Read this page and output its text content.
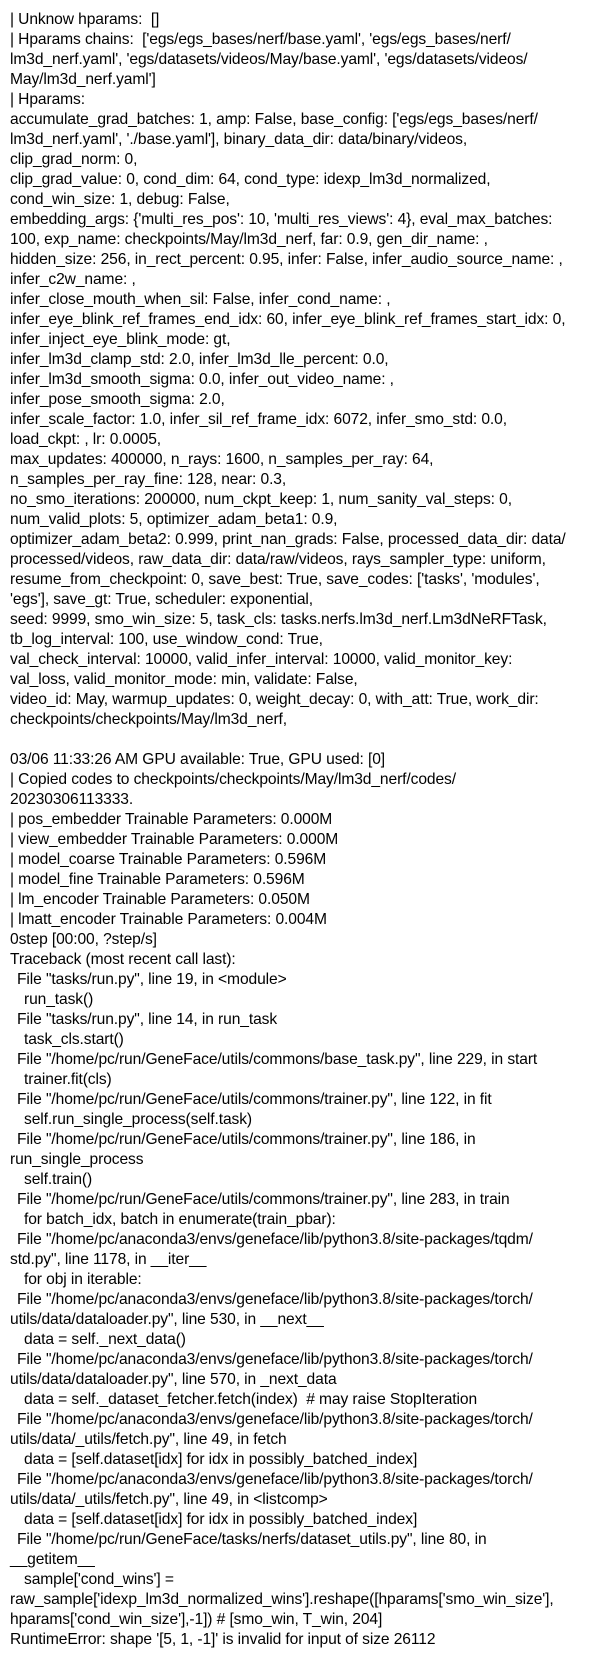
| Unknow hparams:  []
| Hparams chains:  ['egs/egs_bases/nerf/base.yaml', 'egs/egs_bases/nerf/
lm3d_nerf.yaml', 'egs/datasets/videos/May/base.yaml', 'egs/datasets/videos/
May/lm3d_nerf.yaml']
| Hparams:
accumulate_grad_batches: 1, amp: False, base_config: ['egs/egs_bases/nerf/
lm3d_nerf.yaml', './base.yaml'], binary_data_dir: data/binary/videos,
clip_grad_norm: 0,
clip_grad_value: 0, cond_dim: 64, cond_type: idexp_lm3d_normalized,
cond_win_size: 1, debug: False,
embedding_args: {'multi_res_pos': 10, 'multi_res_views': 4}, eval_max_batches:
100, exp_name: checkpoints/May/lm3d_nerf, far: 0.9, gen_dir_name: ,
hidden_size: 256, in_rect_percent: 0.95, infer: False, infer_audio_source_name: ,
infer_c2w_name: ,
infer_close_mouth_when_sil: False, infer_cond_name: ,
infer_eye_blink_ref_frames_end_idx: 60, infer_eye_blink_ref_frames_start_idx: 0,
infer_inject_eye_blink_mode: gt,
infer_lm3d_clamp_std: 2.0, infer_lm3d_lle_percent: 0.0,
infer_lm3d_smooth_sigma: 0.0, infer_out_video_name: ,
infer_pose_smooth_sigma: 2.0,
infer_scale_factor: 1.0, infer_sil_ref_frame_idx: 6072, infer_smo_std: 0.0,
load_ckpt: , lr: 0.0005,
max_updates: 400000, n_rays: 1600, n_samples_per_ray: 64,
n_samples_per_ray_fine: 128, near: 0.3,
no_smo_iterations: 200000, num_ckpt_keep: 1, num_sanity_val_steps: 0,
num_valid_plots: 5, optimizer_adam_beta1: 0.9,
optimizer_adam_beta2: 0.999, print_nan_grads: False, processed_data_dir: data/
processed/videos, raw_data_dir: data/raw/videos, rays_sampler_type: uniform,
resume_from_checkpoint: 0, save_best: True, save_codes: ['tasks', 'modules',
'egs'], save_gt: True, scheduler: exponential,
seed: 9999, smo_win_size: 5, task_cls: tasks.nerfs.lm3d_nerf.Lm3dNeRFTask,
tb_log_interval: 100, use_window_cond: True,
val_check_interval: 10000, valid_infer_interval: 10000, valid_monitor_key:
val_loss, valid_monitor_mode: min, validate: False,
video_id: May, warmup_updates: 0, weight_decay: 0, with_att: True, work_dir:
checkpoints/checkpoints/May/lm3d_nerf,
03/06 11:33:26 AM GPU available: True, GPU used: [0]
| Copied codes to checkpoints/checkpoints/May/lm3d_nerf/codes/
20230306113333.
| pos_embedder Trainable Parameters: 0.000M
| view_embedder Trainable Parameters: 0.000M
| model_coarse Trainable Parameters: 0.596M
| model_fine Trainable Parameters: 0.596M
| lm_encoder Trainable Parameters: 0.050M
| lmatt_encoder Trainable Parameters: 0.004M
0step [00:00, ?step/s]
Traceback (most recent call last):
File "tasks/run.py", line 19, in <module>
run_task()
File "tasks/run.py", line 14, in run_task
task_cls.start()
File "/home/pc/run/GeneFace/utils/commons/base_task.py", line 229, in start
trainer.fit(cls)
File "/home/pc/run/GeneFace/utils/commons/trainer.py", line 122, in fit
self.run_single_process(self.task)
File "/home/pc/run/GeneFace/utils/commons/trainer.py", line 186, in
run_single_process
self.train()
File "/home/pc/run/GeneFace/utils/commons/trainer.py", line 283, in train
for batch_idx, batch in enumerate(train_pbar):
File "/home/pc/anaconda3/envs/geneface/lib/python3.8/site-packages/tqdm/
std.py", line 1178, in __iter__
for obj in iterable:
File "/home/pc/anaconda3/envs/geneface/lib/python3.8/site-packages/torch/
utils/data/dataloader.py", line 530, in __next__
data = self._next_data()
File "/home/pc/anaconda3/envs/geneface/lib/python3.8/site-packages/torch/
utils/data/dataloader.py", line 570, in _next_data
data = self._dataset_fetcher.fetch(index)  # may raise StopIteration
File "/home/pc/anaconda3/envs/geneface/lib/python3.8/site-packages/torch/
utils/data/_utils/fetch.py", line 49, in fetch
data = [self.dataset[idx] for idx in possibly_batched_index]
File "/home/pc/anaconda3/envs/geneface/lib/python3.8/site-packages/torch/
utils/data/_utils/fetch.py", line 49, in <listcomp>
data = [self.dataset[idx] for idx in possibly_batched_index]
File "/home/pc/run/GeneFace/tasks/nerfs/dataset_utils.py", line 80, in
__getitem__
sample['cond_wins'] =
raw_sample['idexp_lm3d_normalized_wins'].reshape([hparams['smo_win_size'],
hparams['cond_win_size'],-1]) # [smo_win, T_win, 204]
RuntimeError: shape '[5, 1, -1]' is invalid for input of size 26112
